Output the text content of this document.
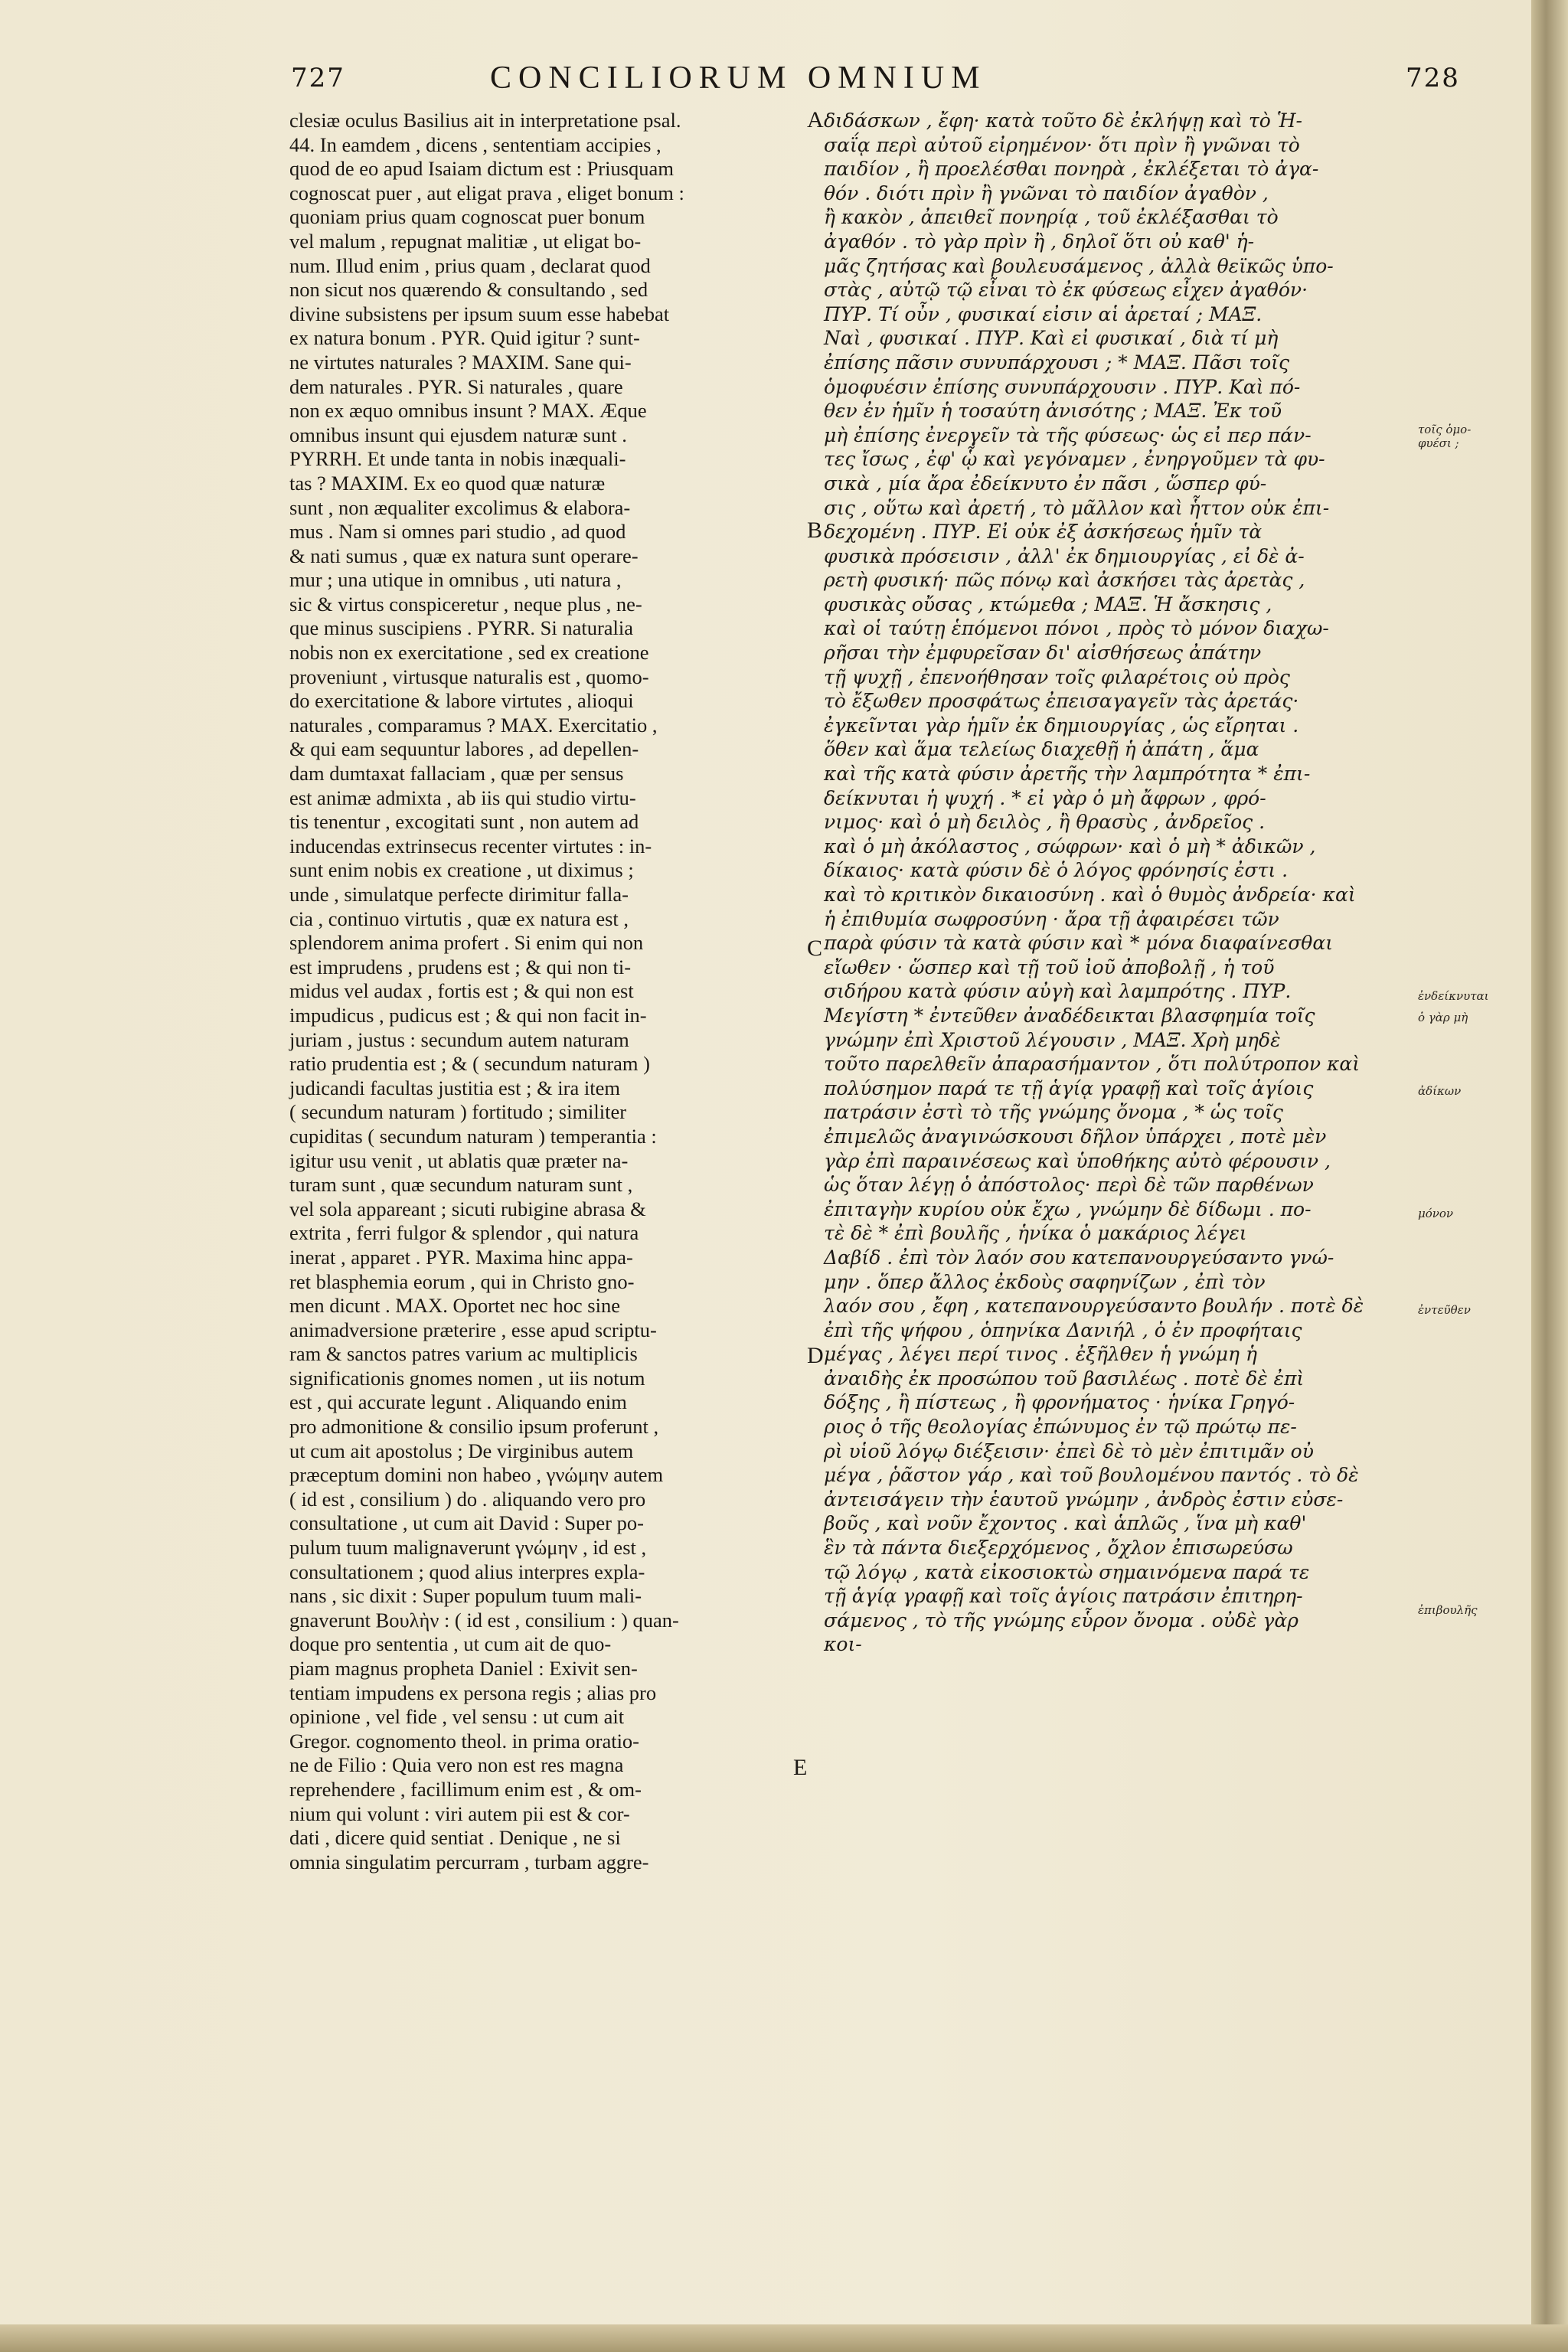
727	CONCILIORUM OMNIUM	728
clesiæ oculus Basilius ait in interpretatione psal.
44. In eamdem , dicens , sententiam accipies ,
quod de eo apud Isaiam dictum est : Priusquam
cognoscat puer , aut eligat prava , eliget bonum :
quoniam prius quam cognoscat puer bonum
vel malum , repugnat malitiæ , ut eligat bo-
num. Illud enim , prius quam , declarat quod
non sicut nos quærendo & consultando , sed
divine subsistens per ipsum suum esse habebat
ex natura bonum . PYR. Quid igitur ? sunt-
ne virtutes naturales ? MAXIM. Sane qui-
dem naturales . PYR. Si naturales , quare
non ex æquo omnibus insunt ? MAX. Æque
omnibus insunt qui ejusdem naturæ sunt .
PYRRH. Et unde tanta in nobis inæquali-
tas ? MAXIM. Ex eo quod quæ naturæ
sunt , non æqualiter excolimus & elabora-
mus . Nam si omnes pari studio , ad quod
& nati sumus , quæ ex natura sunt operare-
mur ; una utique in omnibus , uti natura ,
sic & virtus conspiceretur , neque plus , ne-
que minus suscipiens . PYRR. Si naturalia
nobis non ex exercitatione , sed ex creatione
proveniunt , virtusque naturalis est , quomo-
do exercitatione & labore virtutes , alioqui
naturales , comparamus ? MAX. Exercitatio ,
& qui eam sequuntur labores , ad depellen-
dam dumtaxat fallaciam , quæ per sensus
est animæ admixta , ab iis qui studio virtu-
tis tenentur , excogitati sunt , non autem ad
inducendas extrinsecus recenter virtutes : in-
sunt enim nobis ex creatione , ut diximus ;
unde , simulatque perfecte dirimitur falla-
cia , continuo virtutis , quæ ex natura est ,
splendorem anima profert . Si enim qui non
est imprudens , prudens est ; & qui non ti-
midus vel audax , fortis est ; & qui non est
impudicus , pudicus est ; & qui non facit in-
juriam , justus : secundum autem naturam
ratio prudentia est ; & ( secundum naturam )
judicandi facultas justitia est ; & ira item
( secundum naturam ) fortitudo ; similiter
cupiditas ( secundum naturam ) temperantia :
igitur usu venit , ut ablatis quæ præter na-
turam sunt , quæ secundum naturam sunt ,
vel sola appareant ; sicuti rubigine abrasa &
extrita , ferri fulgor & splendor , qui natura
inerat , apparet . PYR. Maxima hinc appa-
ret blasphemia eorum , qui in Christo gno-
men dicunt . MAX. Oportet nec hoc sine
animadversione præterire , esse apud scriptu-
ram & sanctos patres varium ac multiplicis
significationis gnomes nomen , ut iis notum
est , qui accurate legunt . Aliquando enim
pro admonitione & consilio ipsum proferunt ,
ut cum ait apostolus ; De virginibus autem
præceptum domini non habeo , γνώμην autem
( id est , consilium ) do . aliquando vero pro
consultatione , ut cum ait David : Super po-
pulum tuum malignaverunt γνώμην , id est ,
consultationem ; quod alius interpres expla-
nans , sic dixit : Super populum tuum mali-
gnaverunt Βουλὴν : ( id est , consilium : ) quan-
doque pro sententia , ut cum ait de quo-
piam magnus propheta Daniel : Exivit sen-
tentiam impudens ex persona regis ; alias pro
opinione , vel fide , vel sensu : ut cum ait
Gregor. cognomento theol. in prima oratio-
ne de Filio : Quia vero non est res magna
reprehendere , facillimum enim est , & om-
nium qui volunt : viri autem pii est & cor-
dati , dicere quid sentiat . Denique , ne si
omnia singulatim percurram , turbam aggre-
διδάσκων , ἔφη· κατὰ τοῦτο δὲ ἐκλήψῃ καὶ τὸ Ἡ-
σαΐᾳ περὶ αὐτοῦ εἰρημένον· ὅτι πρὶν ἢ γνῶναι τὸ
παιδίον , ἢ προελέσθαι πονηρὰ , ἐκλέξεται τὸ ἀγα-
θόν . διότι πρὶν ἢ γνῶναι τὸ παιδίον ἀγαθὸν ,
ἢ κακὸν , ἀπειθεῖ πονηρίᾳ , τοῦ ἐκλέξασθαι τὸ
ἀγαθόν . τὸ γὰρ πρὶν ἢ , δηλοῖ ὅτι οὐ καθ' ἡ-
μᾶς ζητήσας καὶ βουλευσάμενος , ἀλλὰ θεϊκῶς ὑπο-
στὰς , αὐτῷ τῷ εἶναι τὸ ἐκ φύσεως εἶχεν ἀγαθόν·
ΠΥΡ. Τί οὖν , φυσικαί εἰσιν αἱ ἀρεταί ; ΜΑΞ.
Ναὶ , φυσικαί . ΠΥΡ. Καὶ εἰ φυσικαί , διὰ τί μὴ
ἐπίσης πᾶσιν συνυπάρχουσι ; * ΜΑΞ. Πᾶσι τοῖς
ὁμοφυέσιν ἐπίσης συνυπάρχουσιν . ΠΥΡ. Καὶ πό-
θεν ἐν ἡμῖν ἡ τοσαύτη ἀνισότης ; ΜΑΞ. Ἐκ τοῦ
μὴ ἐπίσης ἐνεργεῖν τὰ τῆς φύσεως· ὡς εἰ περ πάν-
τες ἴσως , ἐφ' ᾧ καὶ γεγόναμεν , ἐνηργοῦμεν τὰ φυ-
σικὰ , μία ἄρα ἐδείκνυτο ἐν πᾶσι , ὥσπερ φύ-
σις , οὕτω καὶ ἀρετή , τὸ μᾶλλον καὶ ἧττον οὐκ ἐπι-
δεχομένη . ΠΥΡ. Εἰ οὐκ ἐξ ἀσκήσεως ἡμῖν τὰ
φυσικὰ πρόσεισιν , ἀλλ' ἐκ δημιουργίας , εἰ δὲ ἀ-
ρετὴ φυσική· πῶς πόνῳ καὶ ἀσκήσει τὰς ἀρετὰς ,
φυσικὰς οὔσας , κτώμεθα ; ΜΑΞ. Ἡ ἄσκησις ,
καὶ οἱ ταύτῃ ἑπόμενοι πόνοι , πρὸς τὸ μόνον διαχω-
ρῆσαι τὴν ἐμφυρεῖσαν δι' αἰσθήσεως ἀπάτην
τῇ ψυχῇ , ἐπενοήθησαν τοῖς φιλαρέτοις οὐ πρὸς
τὸ ἔξωθεν προσφάτως ἐπεισαγαγεῖν τὰς ἀρετάς·
ἐγκεῖνται γὰρ ἡμῖν ἐκ δημιουργίας , ὡς εἴρηται .
ὅθεν καὶ ἅμα τελείως διαχεθῇ ἡ ἀπάτη , ἅμα
καὶ τῆς κατὰ φύσιν ἀρετῆς τὴν λαμπρότητα * ἐπι-
δείκνυται ἡ ψυχή . * εἰ γὰρ ὁ μὴ ἄφρων , φρό-
νιμος· καὶ ὁ μὴ δειλὸς , ἢ θρασὺς , ἀνδρεῖος .
καὶ ὁ μὴ ἀκόλαστος , σώφρων· καὶ ὁ μὴ * ἀδικῶν ,
δίκαιος· κατὰ φύσιν δὲ ὁ λόγος φρόνησίς ἐστι .
καὶ τὸ κριτικὸν δικαιοσύνη . καὶ ὁ θυμὸς ἀνδρεία· καὶ
ἡ ἐπιθυμία σωφροσύνη · ἄρα τῇ ἀφαιρέσει τῶν
παρὰ φύσιν τὰ κατὰ φύσιν καὶ * μόνα διαφαίνεσθαι
εἴωθεν · ὥσπερ καὶ τῇ τοῦ ἰοῦ ἀποβολῇ , ἡ τοῦ
σιδήρου κατὰ φύσιν αὐγὴ καὶ λαμπρότης . ΠΥΡ.
Μεγίστη * ἐντεῦθεν ἀναδέδεικται βλασφημία τοῖς
γνώμην ἐπὶ Χριστοῦ λέγουσιν , ΜΑΞ. Χρὴ μηδὲ
τοῦτο παρελθεῖν ἀπαρασήμαντον , ὅτι πολύτροπον καὶ
πολύσημον παρά τε τῇ ἁγίᾳ γραφῇ καὶ τοῖς ἁγίοις
πατράσιν ἐστὶ τὸ τῆς γνώμης ὄνομα , * ὡς τοῖς
ἐπιμελῶς ἀναγινώσκουσι δῆλον ὑπάρχει , ποτὲ μὲν
γὰρ ἐπὶ παραινέσεως καὶ ὑποθήκης αὐτὸ φέρουσιν ,
ὡς ὅταν λέγῃ ὁ ἀπόστολος· περὶ δὲ τῶν παρθένων
ἐπιταγὴν κυρίου οὐκ ἔχω , γνώμην δὲ δίδωμι . πο-
τὲ δὲ * ἐπὶ βουλῆς , ἡνίκα ὁ μακάριος λέγει
Δαβίδ . ἐπὶ τὸν λαόν σου κατεπανουργεύσαντο γνώ-
μην . ὅπερ ἄλλος ἐκδοὺς σαφηνίζων , ἐπὶ τὸν
λαόν σου , ἔφη , κατεπανουργεύσαντο βουλήν . ποτὲ δὲ
ἐπὶ τῆς ψήφου , ὁπηνίκα Δανιήλ , ὁ ἐν προφήταις
μέγας , λέγει περί τινος . ἐξῆλθεν ἡ γνώμη ἡ
ἀναιδὴς ἐκ προσώπου τοῦ βασιλέως . ποτὲ δὲ ἐπὶ
δόξης , ἢ πίστεως , ἢ φρονήματος · ἡνίκα Γρηγό-
ριος ὁ τῆς θεολογίας ἐπώνυμος ἐν τῷ πρώτῳ πε-
ρὶ υἱοῦ λόγῳ διέξεισιν· ἐπεὶ δὲ τὸ μὲν ἐπιτιμᾶν οὐ
μέγα , ῥᾶστον γάρ , καὶ τοῦ βουλομένου παντός . τὸ δὲ
ἀντεισάγειν τὴν ἑαυτοῦ γνώμην , ἀνδρὸς ἐστιν εὐσε-
βοῦς , καὶ νοῦν ἔχοντος . καὶ ἁπλῶς , ἵνα μὴ καθ'
ἓν τὰ πάντα διεξερχόμενος , ὄχλον ἐπισωρεύσω
τῷ λόγῳ , κατὰ εἰκοσιοκτὼ σημαινόμενα παρά τε
τῇ ἁγίᾳ γραφῇ καὶ τοῖς ἁγίοις πατράσιν ἐπιτηρη-
σάμενος , τὸ τῆς γνώμης εὗρον ὄνομα . οὐδὲ γὰρ
κοι-
A
B
C
D
E
τοῖς ὁμο-
φυέσι ;
ἐνδείκνυται
ὁ γὰρ μὴ
ἀδίκων
μόνον
ἐντεῦθεν
ἐπιβουλῆς
